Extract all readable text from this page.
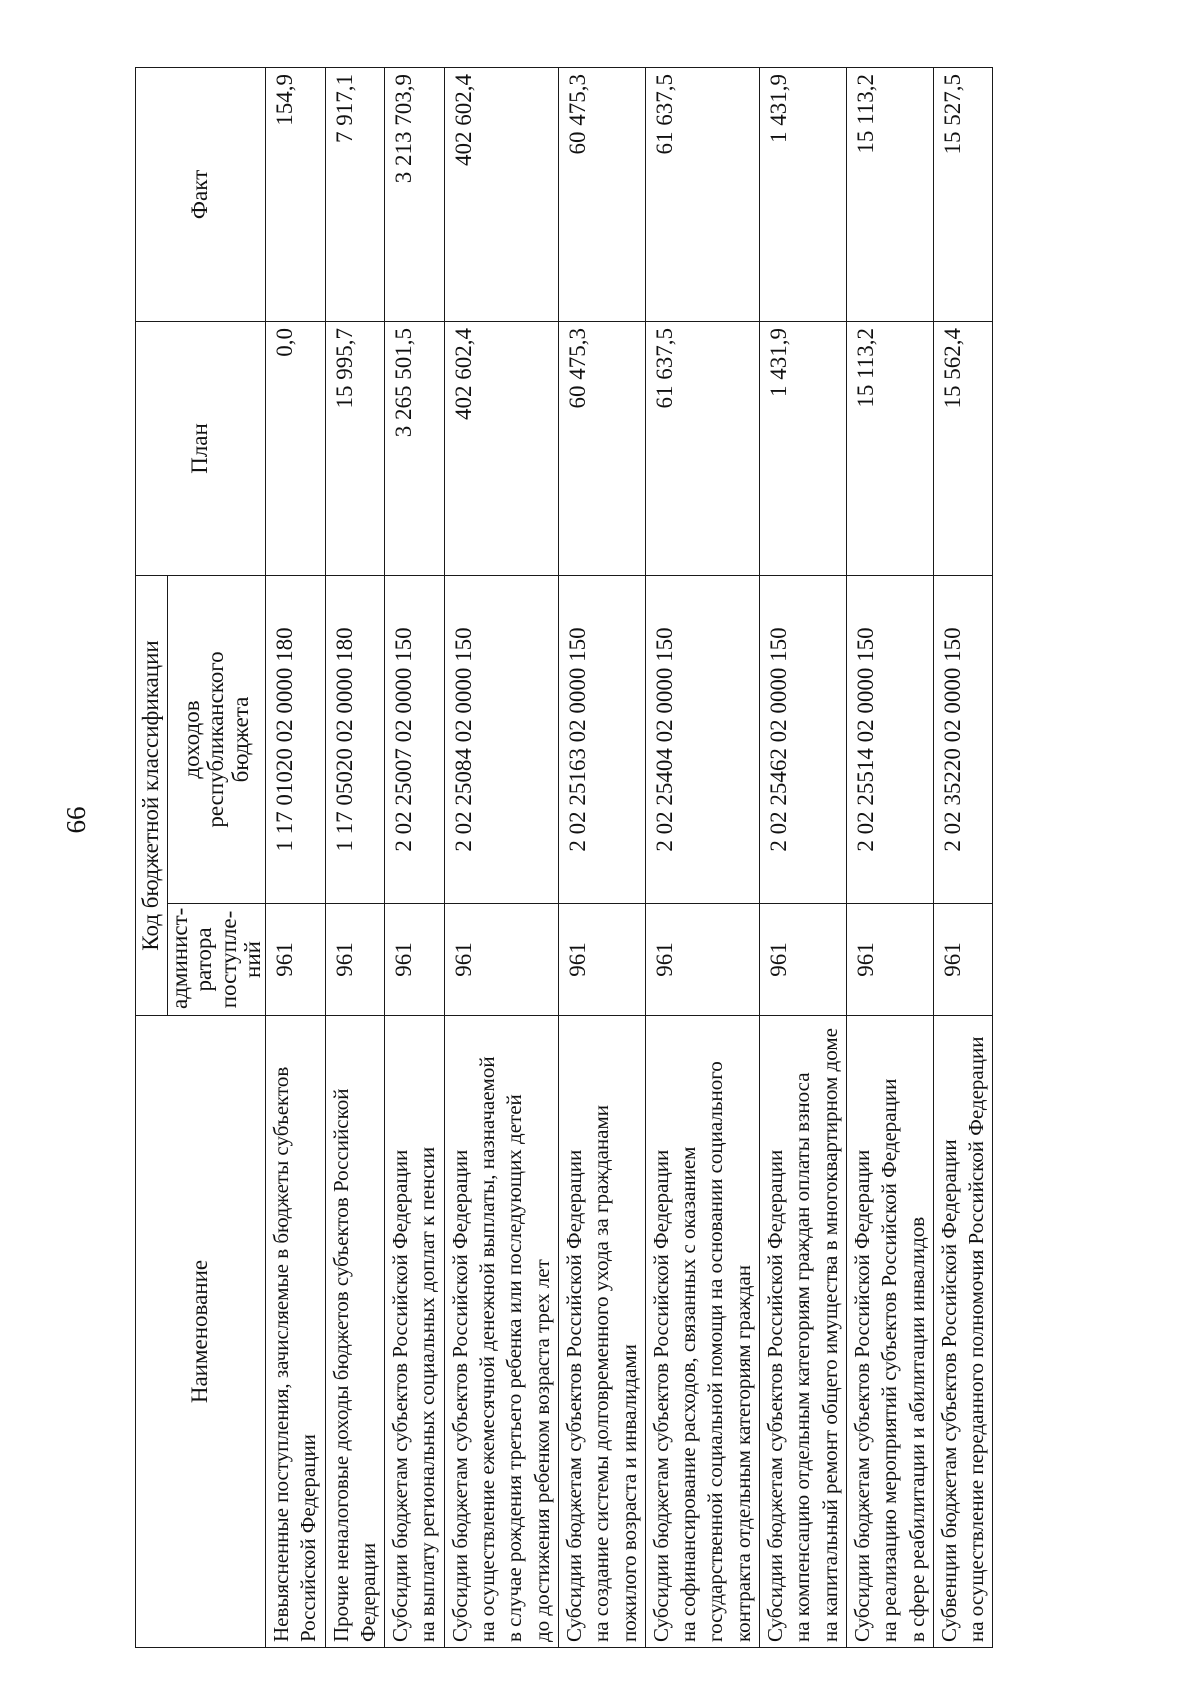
66
Наименование	Код бюджетной классификации		План	Факт

	админист- ратора поступле- ний	доходов республиканского бюджета		

Невыясненные поступления, зачисляемые в бюджеты субъектов Российской Федерации	961	1 17 01020 02 0000 180	0,0	154,9

Прочие неналоговые доходы бюджетов субъектов Российской Федерации	961	1 17 05020 02 0000 180	15 995,7	7 917,1

Субсидии бюджетам субъектов Российской Федерации на выплату региональных социальных доплат к пенсии	961	2 02 25007 02 0000 150	3 265 501,5	3 213 703,9

Субсидии бюджетам субъектов Российской Федерации на осуществление ежемесячной денежной выплаты, назначаемой в случае рождения третьего ребенка или последующих детей до достижения ребенком возраста трех лет	961	2 02 25084 02 0000 150	402 602,4	402 602,4

Субсидии бюджетам субъектов Российской Федерации на создание системы долговременного ухода за гражданами пожилого возраста и инвалидами	961	2 02 25163 02 0000 150	60 475,3	60 475,3

Субсидии бюджетам субъектов Российской Федерации на софинансирование расходов, связанных с оказанием государственной социальной помощи на основании социального контракта отдельным категориям граждан	961	2 02 25404 02 0000 150	61 637,5	61 637,5

Субсидии бюджетам субъектов Российской Федерации на компенсацию отдельным категориям граждан оплаты взноса на капитальный ремонт общего имущества в многоквартирном доме	961	2 02 25462 02 0000 150	1 431,9	1 431,9

Субсидии бюджетам субъектов Российской Федерации на реализацию мероприятий субъектов Российской Федерации в сфере реабилитации и абилитации инвалидов	961	2 02 25514 02 0000 150	15 113,2	15 113,2

Субвенции бюджетам субъектов Российской Федерации на осуществление переданного полномочия Российской Федерации	961	2 02 35220 02 0000 150	15 562,4	15 527,5
